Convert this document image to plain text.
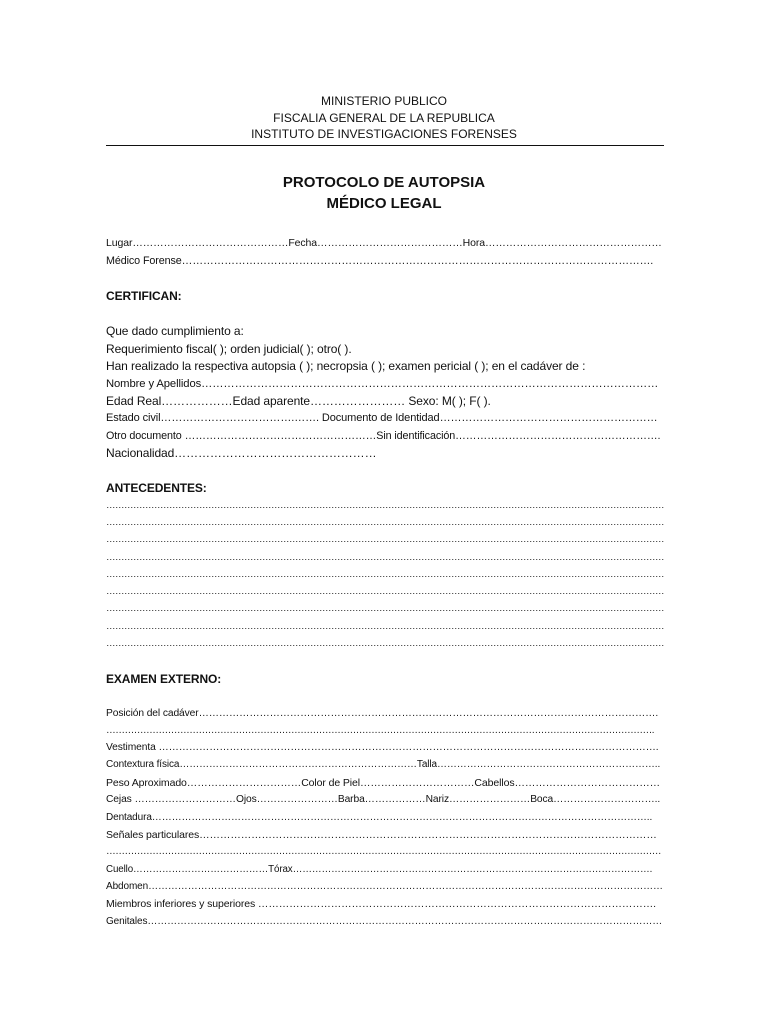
MINISTERIO PUBLICO
FISCALIA GENERAL DE LA REPUBLICA
INSTITUTO DE INVESTIGACIONES FORENSES
PROTOCOLO DE AUTOPSIA
MÉDICO LEGAL
Lugar………………………………………Fecha……………………………………Hora……………………………………………
Médico Forense…………………………………………………………………………………………………………………….
CERTIFICAN:
Que dado cumplimiento a:
Requerimiento fiscal( ); orden judicial( ); otro( ).
Han realizado la respectiva autopsia ( ); necropsia ( ); examen pericial ( ); en el cadáver de :
Nombre y Apellidos……………………………………………………………………………………………………………
Edad Real………………Edad aparente…………………… Sexo: M( ); F( ).
Estado civil……………………………….……. Documento de Identidad……………………………………………………
Otro documento ………………………………………………Sin identificación………………………………………………….
Nacionalidad……………………………………………
ANTECEDENTES:
……………………………………………………………………………………………………………………………………………………………………
……………………………………………………………………………………………………………………………………………………………………
……………………………………………………………………………………………………………………………………………………………………
……………………………………………………………………………………………………………………………………………………………………
……………………………………………………………………………………………………………………………………………………………………
……………………………………………………………………………………………………………………………………………………………………
……………………………………………………………………………………………………………………………………………………………………
……………………………………………………………………………………………………………………………………………………………………
……………………………………………………………………………………………………………………………………………………………………
EXAMEN EXTERNO:
Posición del cadáver……………………………………………………………………………………………………………………….
…………………………………………………………………………………………………………………………………………………………….
Vestimenta ………………………………………………………………………………………………………………………………….
Contextura física………………………………………………………………Talla…………………………………………………………..
Peso Aproximado……………………………Color de Piel……………………………Cabellos……………………………………
Cejas …………………………Ojos……………………Barba………………Nariz……………………Boca…………………………..
Dentadura……………………………………………………………………………………………………………………………………..
Señales particulares……………………………………………………………………………………………………………………
………………………………………………………………………………………………………………………………………………………………
Cuello……………………………………Tórax………………………………………………………………………………………………….
Abdomen…………………………………………………………………………………………………………………………………………
Miembros inferiores y superiores …………………………………………………………………………………………………….
Genitales…………………………………………………………………………………………………………………………………………
